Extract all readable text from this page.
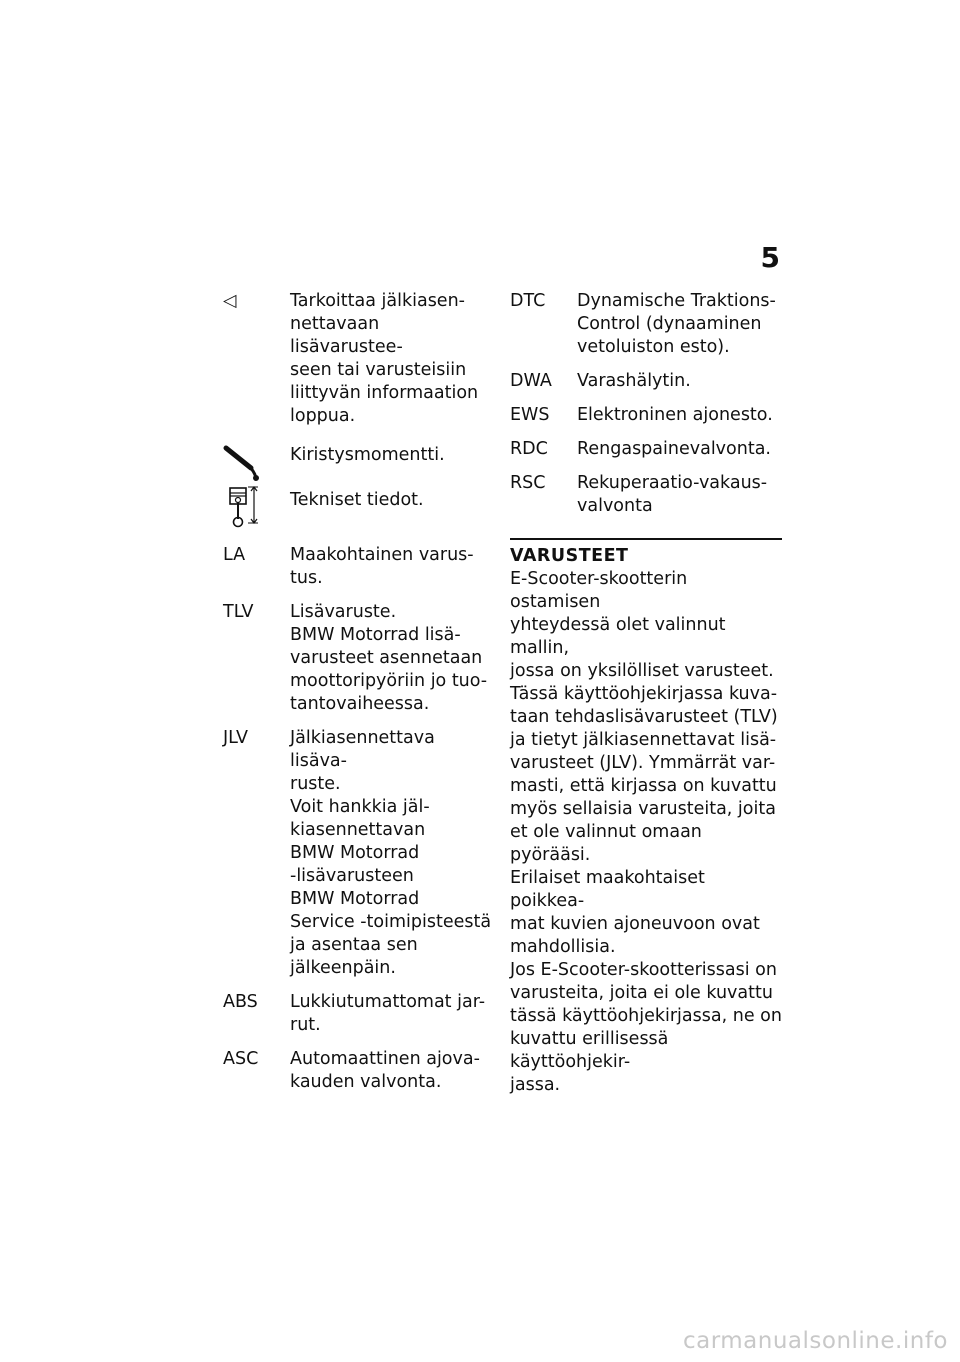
5
◁	Tarkoittaa jälkiasen-
nettavaan lisävarustee-
seen tai varusteisiin
liittyvän informaation
loppua.
Kiristysmomentti.
Tekniset tiedot.
LA	Maakohtainen varus-
tus.
TLV Lisävaruste.
BMW Motorrad lisä-
varusteet asennetaan
moottoripyöriin jo tuo-
tantovaiheessa.
JLV Jälkiasennettava lisäva-
ruste.
Voit hankkia jäl-
kiasennettavan
BMW Motorrad
-lisävarusteen
BMW Motorrad
Service -toimipisteestä
ja asentaa sen
jälkeenpäin.
ABS Lukkiutumattomat jar-
rut.
ASC Automaattinen ajova-
kauden valvonta.
DTC Dynamische Traktions-
Control (dynaaminen
vetoluiston esto).
DWA Varashälytin.
EWS Elektroninen ajonesto.
RDC Rengaspainevalvonta.
RSC Rekuperaatio-vakaus-
valvonta
VARUSTEET
E-Scooter-skootterin ostamisen
yhteydessä olet valinnut mallin,
jossa on yksilölliset varusteet.
Tässä käyttöohjekirjassa kuva-
taan tehdaslisävarusteet (TLV)
ja tietyt jälkiasennettavat lisä-
varusteet (JLV). Ymmärrät var-
masti, että kirjassa on kuvattu
myös sellaisia varusteita, joita
et ole valinnut omaan pyörääsi.
Erilaiset maakohtaiset poikkea-
mat kuvien ajoneuvoon ovat
mahdollisia.
Jos E-Scooter-skootterissasi on
varusteita, joita ei ole kuvattu
tässä käyttöohjekirjassa, ne on
kuvattu erillisessä käyttöohjekir-
jassa.
carmanualsonline.info
